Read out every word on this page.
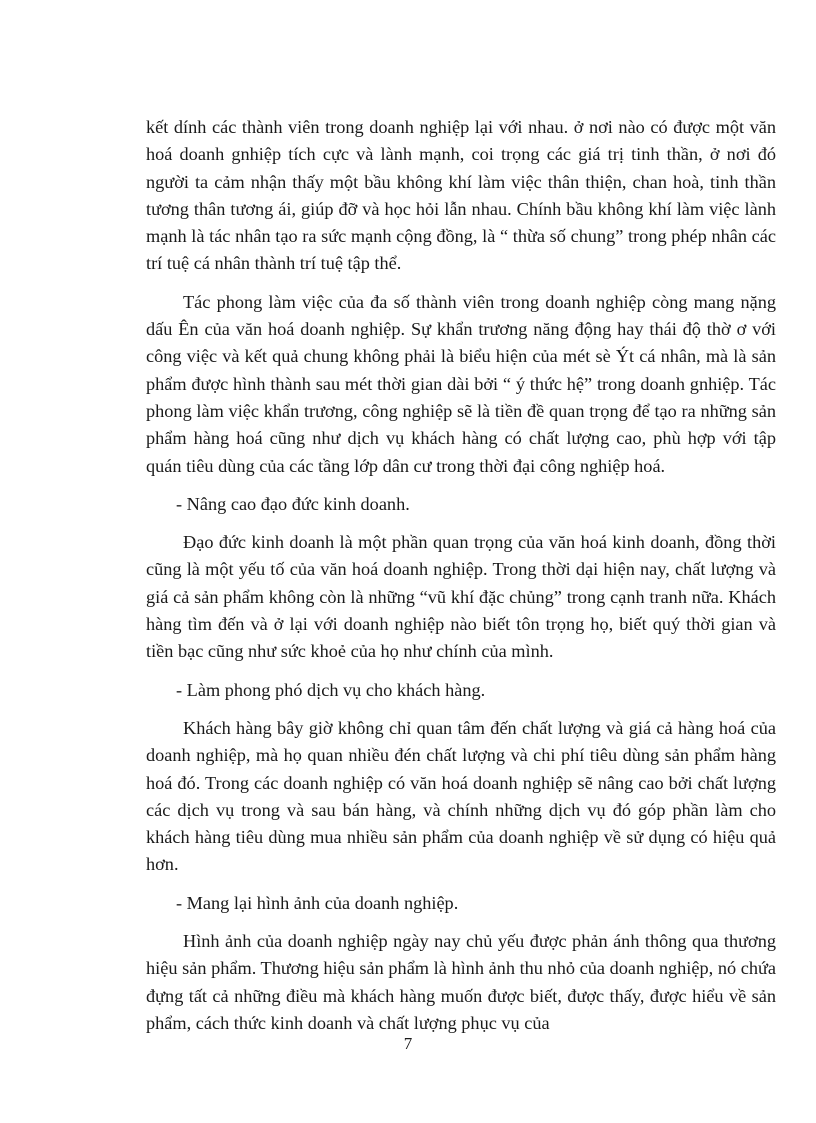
kết dính các thành viên trong doanh nghiệp lại với nhau. ở nơi nào có được một văn hoá doanh gnhiệp tích cực và lành mạnh, coi trọng các giá trị tinh thần, ở nơi đó người ta cảm nhận thấy một bầu không khí làm việc thân thiện, chan hoà, tinh thần tương thân tương ái, giúp đỡ và học hỏi lẫn nhau. Chính bầu không khí làm việc lành mạnh là tác nhân tạo ra sức mạnh cộng đồng, là “ thừa số chung” trong phép nhân các trí tuệ cá nhân thành trí tuệ tập thể.

Tác phong làm việc của đa số thành viên trong doanh nghiệp còng mang nặng dấu Ên của văn hoá doanh nghiệp. Sự khẩn trương năng động hay thái độ thờ ơ với công việc và kết quả chung không phải là biểu hiện của mét sè Ýt cá nhân, mà là sản phẩm được hình thành sau mét thời gian dài bởi “ ý thức hệ” trong doanh gnhiệp. Tác phong làm việc khẩn trương, công nghiệp sẽ là tiền đề quan trọng để tạo ra những sản phẩm hàng hoá cũng như dịch vụ khách hàng có chất lượng cao, phù hợp với tập quán tiêu dùng của các tầng lớp dân cư trong thời đại công nghiệp hoá.

- Nâng cao đạo đức kinh doanh.

Đạo đức kinh doanh là một phần quan trọng của văn hoá kinh doanh, đồng thời cũng là một yếu tố của văn hoá doanh nghiệp. Trong thời dại hiện nay, chất lượng và giá cả sản phẩm không còn là những “vũ khí đặc chủng” trong cạnh tranh nữa. Khách hàng tìm đến và ở lại với doanh nghiệp nào biết tôn trọng họ, biết quý thời gian và tiền bạc cũng như sức khoẻ của họ như chính của mình.

- Làm phong phó dịch vụ cho khách hàng.

Khách hàng bây giờ không chỉ quan tâm đến chất lượng và giá cả hàng hoá của doanh nghiệp, mà họ quan nhiều đén chất lượng và chi phí tiêu dùng sản phẩm hàng hoá đó. Trong các doanh nghiệp có văn hoá doanh nghiệp sẽ nâng cao bởi chất lượng các dịch vụ trong và sau bán hàng, và chính những dịch vụ đó góp phần làm cho khách hàng tiêu dùng mua nhiều sản phẩm của doanh nghiệp về sử dụng có hiệu quả hơn.

- Mang lại hình ảnh của doanh nghiệp.

Hình ảnh của doanh nghiệp ngày nay chủ yếu được phản ánh thông qua thương hiệu sản phẩm. Thương hiệu sản phẩm là hình ảnh thu nhỏ của doanh nghiệp, nó chứa đựng tất cả những điều mà khách hàng muốn được biết, được thấy, được hiểu về sản phẩm, cách thức kinh doanh và chất lượng phục vụ của

7
